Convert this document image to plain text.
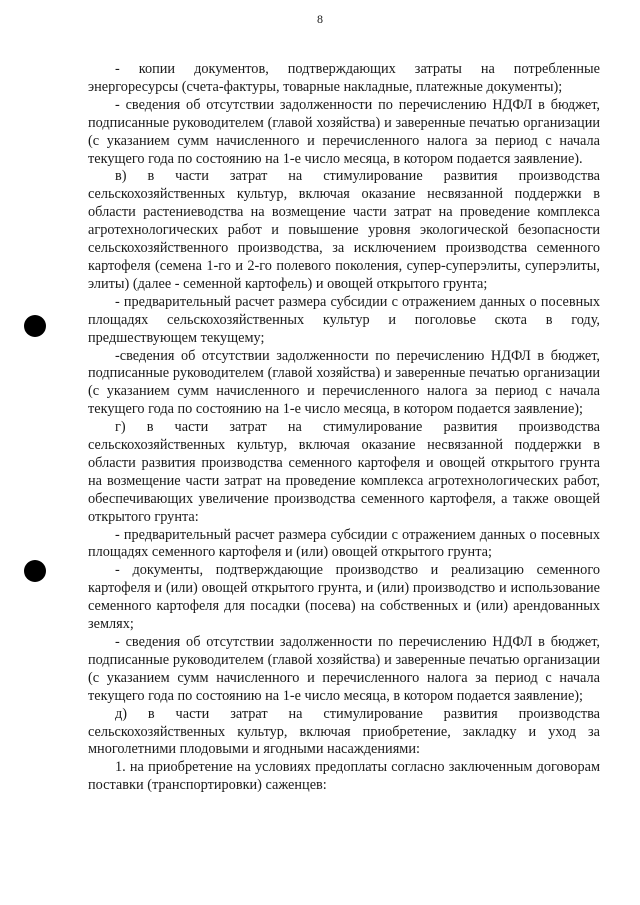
8

- копии документов, подтверждающих затраты на потребленные энергоресурсы (счета-фактуры, товарные накладные, платежные документы);

- сведения об отсутствии задолженности по перечислению НДФЛ в бюджет, подписанные руководителем (главой хозяйства) и заверенные печатью организации (с указанием сумм начисленного и перечисленного налога за период с начала текущего года по состоянию на 1-е число месяца, в котором подается заявление).

в) в части затрат на стимулирование развития производства сельскохозяйственных культур, включая оказание несвязанной поддержки в области растениеводства на возмещение части затрат на проведение комплекса агротехнологических работ и повышение уровня экологической безопасности сельскохозяйственного производства, за исключением производства семенного картофеля (семена 1-го и 2-го полевого поколения, супер-суперэлиты, суперэлиты, элиты) (далее - семенной картофель) и овощей открытого грунта;

- предварительный расчет размера субсидии с отражением данных о посевных площадях сельскохозяйственных культур и поголовье скота в году, предшествующем текущему;

-сведения об отсутствии задолженности по перечислению НДФЛ в бюджет, подписанные руководителем (главой хозяйства) и заверенные печатью организации (с указанием сумм начисленного и перечисленного налога за период с начала текущего года по состоянию на 1-е число месяца, в котором подается заявление);

г) в части затрат на стимулирование развития производства сельскохозяйственных культур, включая оказание несвязанной поддержки в области развития производства семенного картофеля и овощей открытого грунта на возмещение части затрат на проведение комплекса агротехнологических работ, обеспечивающих увеличение производства семенного картофеля, а также овощей открытого грунта:

- предварительный расчет размера субсидии с отражением данных о посевных площадях семенного картофеля и (или) овощей открытого грунта;

- документы, подтверждающие производство и реализацию семенного картофеля и (или) овощей открытого грунта, и (или) производство и использование семенного картофеля для посадки (посева) на собственных и (или) арендованных землях;

- сведения об отсутствии задолженности по перечислению НДФЛ в бюджет, подписанные руководителем (главой хозяйства) и заверенные печатью организации (с указанием сумм начисленного и перечисленного налога за период с начала текущего года по состоянию на 1-е число месяца, в котором подается заявление);

д) в части затрат на стимулирование развития производства сельскохозяйственных культур, включая приобретение, закладку и уход за многолетними плодовыми и ягодными насаждениями:

1. на приобретение на условиях предоплаты согласно заключенным договорам поставки (транспортировки) саженцев:
